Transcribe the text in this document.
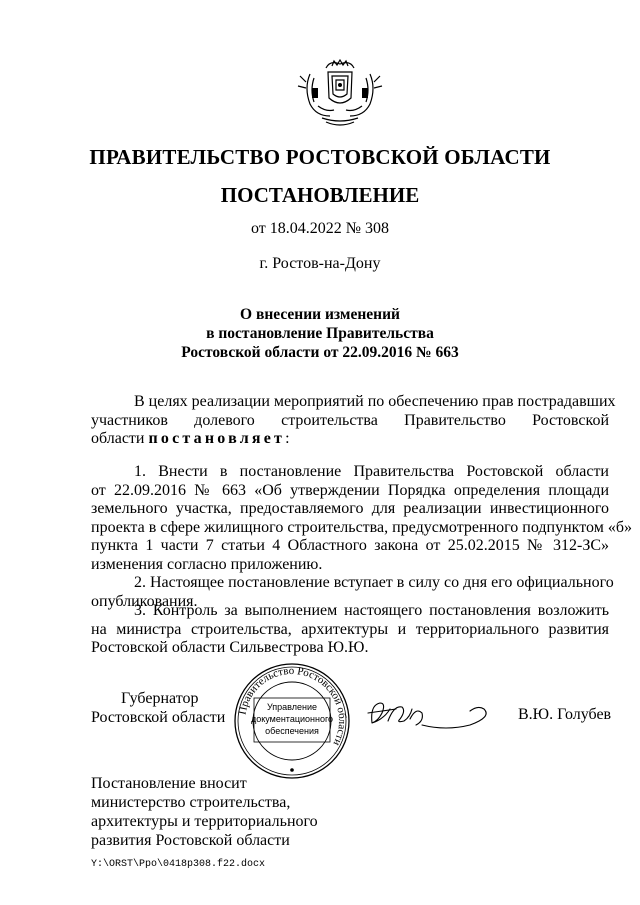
ПРАВИТЕЛЬСТВО РОСТОВСКОЙ ОБЛАСТИ
ПОСТАНОВЛЕНИЕ
от 18.04.2022 № 308
г. Ростов-на-Дону
О внесении изменений
в постановление Правительства
Ростовской области от 22.09.2016 № 663
В целях реализации мероприятий по обеспечению прав пострадавших
участников долевого строительства Правительство Ростовской
области постановляет:
1. Внести в постановление Правительства Ростовской области
от 22.09.2016 № 663 «Об утверждении Порядка определения площади
земельного участка, предоставляемого для реализации инвестиционного
проекта в сфере жилищного строительства, предусмотренного подпунктом «б»
пункта 1 части 7 статьи 4 Областного закона от 25.02.2015 № 312-ЗС»
изменения согласно приложению.
2. Настоящее постановление вступает в силу со дня его официального
опубликования.
3. Контроль за выполнением настоящего постановления возложить
на министра строительства, архитектуры и территориального развития
Ростовской области Сильвестрова Ю.Ю.
Губернатор
Ростовской области Правительство Ростовской области
Управление
документационного
обеспечения
В.Ю. Голубев
Постановление вносит
министерство строительства,
архитектуры и территориального
развития Ростовской области
Y:\ORST\Ppo\0418p308.f22.docx
